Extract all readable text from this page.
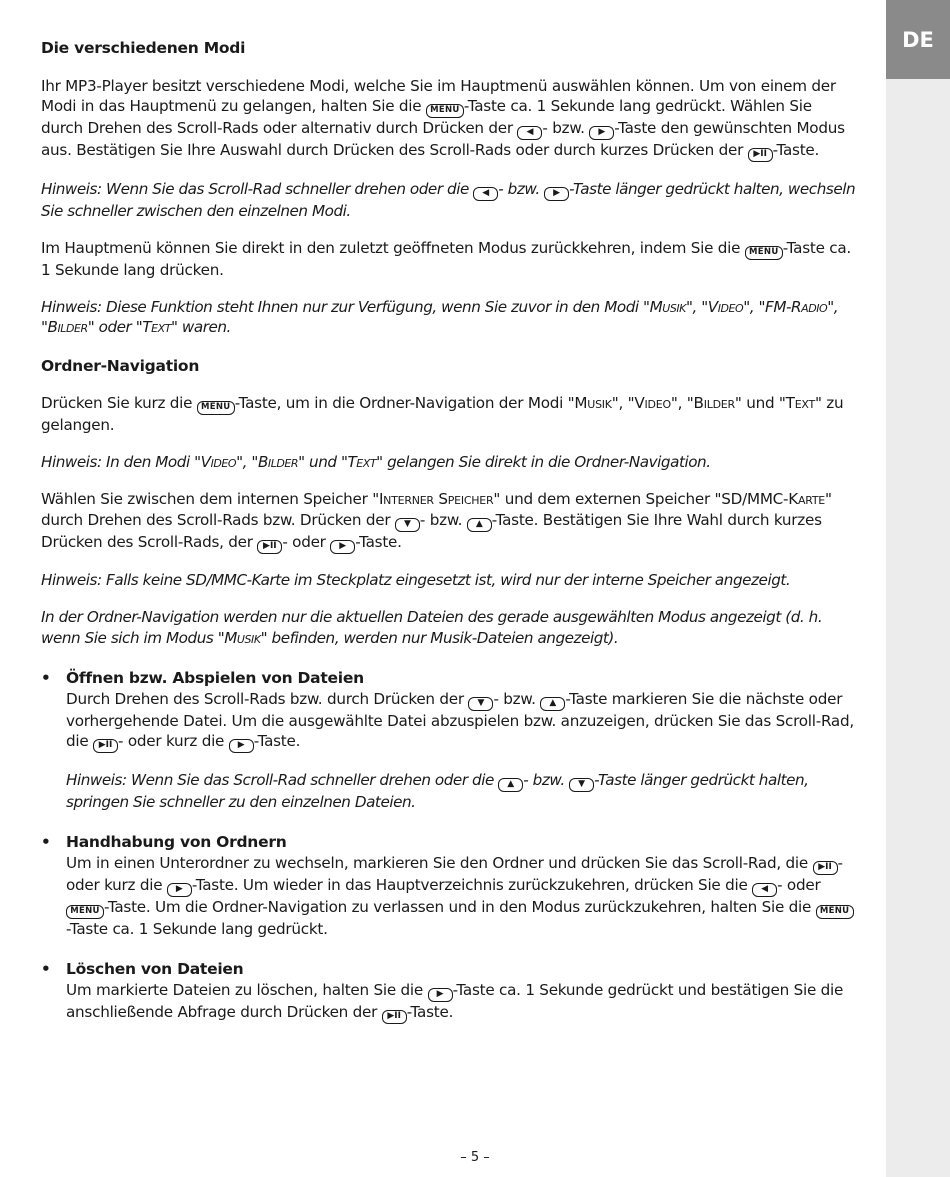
DE
Die verschiedenen Modi

Ihr MP3-Player besitzt verschiedene Modi, welche Sie im Hauptmenü auswählen können. Um von einem der Modi in das Hauptmenü zu gelangen, halten Sie die MENU -Taste ca. 1 Sekunde lang gedrückt. Wählen Sie durch Drehen des Scroll-Rads oder alternativ durch Drücken der ◀ - bzw. ▶ -Taste den gewünschten Modus aus. Bestätigen Sie Ihre Auswahl durch Drücken des Scroll-Rads oder durch kurzes Drücken der ▶II -Taste.

Hinweis: Wenn Sie das Scroll-Rad schneller drehen oder die ◀ - bzw. ▶ -Taste länger gedrückt halten, wechseln Sie schneller zwischen den einzelnen Modi.

Im Hauptmenü können Sie direkt in den zuletzt geöffneten Modus zurückkehren, indem Sie die MENU -Taste ca. 1 Sekunde lang drücken.

Hinweis: Diese Funktion steht Ihnen nur zur Verfügung, wenn Sie zuvor in den Modi "Musik", "Video", "FM-Radio", "Bilder" oder "Text" waren.

Ordner-Navigation

Drücken Sie kurz die MENU -Taste, um in die Ordner-Navigation der Modi "Musik", "Video", "Bilder" und "Text" zu gelangen.

Hinweis: In den Modi "Video", "Bilder" und "Text" gelangen Sie direkt in die Ordner-Navigation.

Wählen Sie zwischen dem internen Speicher "Interner Speicher" und dem externen Speicher "SD/MMC-Karte" durch Drehen des Scroll-Rads bzw. Drücken der ▼ - bzw. ▲ -Taste. Bestätigen Sie Ihre Wahl durch kurzes Drücken des Scroll-Rads, der ▶II - oder ▶ -Taste.

Hinweis: Falls keine SD/MMC-Karte im Steckplatz eingesetzt ist, wird nur der interne Speicher angezeigt.

In der Ordner-Navigation werden nur die aktuellen Dateien des gerade ausgewählten Modus angezeigt (d. h. wenn Sie sich im Modus "Musik" befinden, werden nur Musik-Dateien angezeigt).

• Öffnen bzw. Abspielen von Dateien
Durch Drehen des Scroll-Rads bzw. durch Drücken der ▼ - bzw. ▲ -Taste markieren Sie die nächste oder vorhergehende Datei. Um die ausgewählte Datei abzuspielen bzw. anzuzeigen, drücken Sie das Scroll-Rad, die ▶II - oder kurz die ▶ -Taste.

Hinweis: Wenn Sie das Scroll-Rad schneller drehen oder die ▲ - bzw. ▼ -Taste länger gedrückt halten, springen Sie schneller zu den einzelnen Dateien.

• Handhabung von Ordnern
Um in einen Unterordner zu wechseln, markieren Sie den Ordner und drücken Sie das Scroll-Rad, die ▶II - oder kurz die ▶ -Taste. Um wieder in das Hauptverzeichnis zurückzukehren, drücken Sie die ◀ - oder MENU -Taste. Um die Ordner-Navigation zu verlassen und in den Modus zurückzukehren, halten Sie die MENU-Taste ca. 1 Sekunde lang gedrückt.
• Löschen von Dateien
Um markierte Dateien zu löschen, halten Sie die ▶ -Taste ca. 1 Sekunde gedrückt und bestätigen Sie die anschließende Abfrage durch Drücken der ▶II -Taste.
– 5 –
